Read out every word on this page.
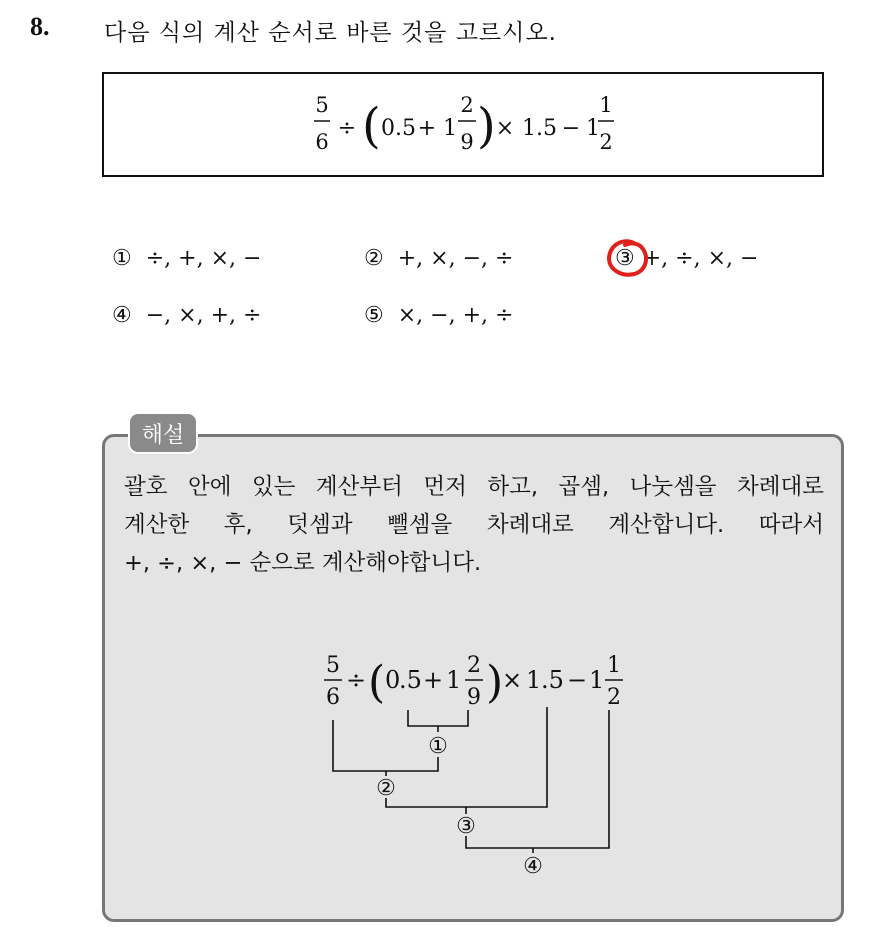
8. 다음 식의 계산 순서로 바른 것을 고르시오.
5
6
÷ ( 0.5 + 1
2
9 ) × 1.5 − 1
1
2
① ÷, +, ×, −	② +, ×, −, ÷	③ +, ÷, ×, −
④ −, ×, +, ÷	⑤ ×, −, +, ÷
해설
괄호 안에 있는 계산부터 먼저 하고, 곱셈, 나눗셈을 차례대로
계산한 후, 덧셈과 뺄셈을 차례대로 계산합니다. 따라서
+, ÷, ×, − 순으로 계산해야합니다.
5
6
÷ ( 0
.5 + 1
2
9 )
× 1 .5 − 1
1
2
①
②
③
④
